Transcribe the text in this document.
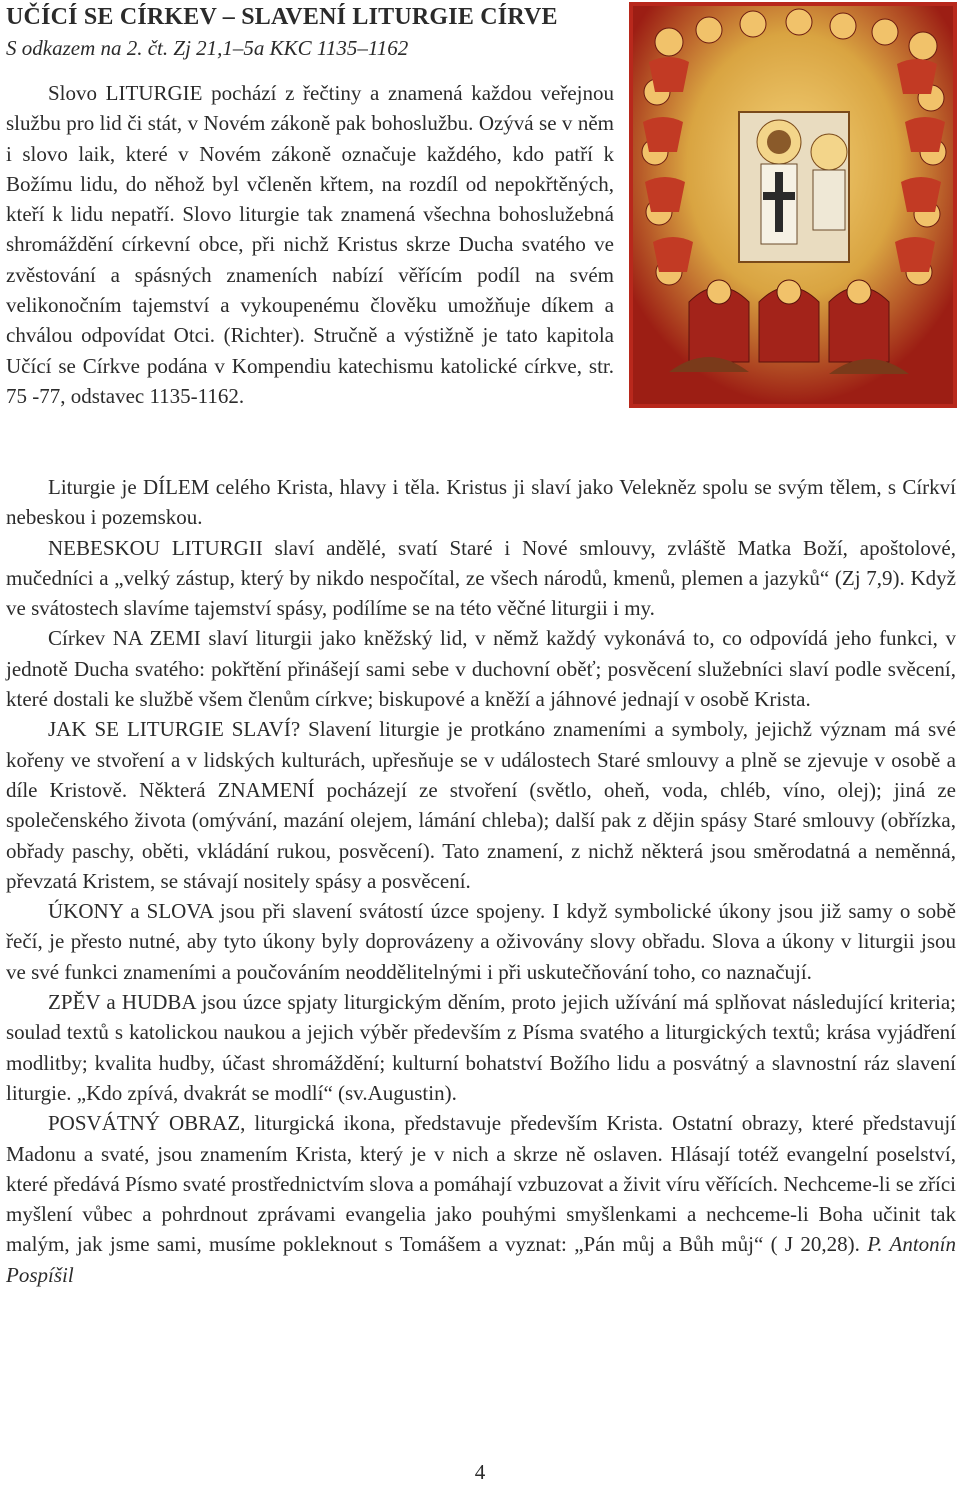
UČÍCÍ SE CÍRKEV – SLAVENÍ LITURGIE CÍRVE
S odkazem na 2. čt. Zj 21,1–5a KKC 1135–1162

Slovo LITURGIE pochází z řečtiny a znamená každou veřejnou službu pro lid či stát, v Novém zákoně pak bohoslužbu. Ozývá se v něm i slovo laik, které v Novém zákoně označuje každého, kdo patří k Božímu lidu, do něhož byl včleněn křtem, na rozdíl od nepokřtěných, kteří k lidu nepatří. Slovo liturgie tak znamená všechna bohoslužebná shromáždění církevní obce, při nichž Kristus skrze Ducha svatého ve zvěstování a spásných znameních nabízí věřícím podíl na svém velikonočním tajemství a vykoupenému člověku umožňuje díkem a chválou odpovídat Otci. (Richter). Stručně a výstižně je tato kapitola Učící se Církve podána v Kompendiu katechismu katolické církve, str. 75 -77, odstavec 1135-1162.

Liturgie je DÍLEM celého Krista, hlavy i těla. Kristus ji slaví jako Velekněz spolu se svým tělem, s Církví nebeskou i pozemskou.

NEBESKOU LITURGII slaví andělé, svatí Staré i Nové smlouvy, zvláště Matka Boží, apoštolové, mučedníci a „velký zástup, který by nikdo nespočítal, ze všech národů, kmenů, plemen a jazyků“ (Zj 7,9). Když ve svátostech slavíme tajemství spásy, podílíme se na této věčné liturgii i my.

Církev NA ZEMI slaví liturgii jako kněžský lid, v němž každý vykonává to, co odpovídá jeho funkci, v jednotě Ducha svatého: pokřtění přinášejí sami sebe v duchovní oběť; posvěcení služebníci slaví podle svěcení, které dostali ke službě všem členům církve; biskupové a kněží a jáhnové jednají v osobě Krista.

JAK SE LITURGIE SLAVÍ? Slavení liturgie je protkáno znameními a symboly, jejichž význam má své kořeny ve stvoření a v lidských kulturách, upřesňuje se v událostech Staré smlouvy a plně se zjevuje v osobě a díle Kristově. Některá ZNAMENÍ pocházejí ze stvoření (světlo, oheň, voda, chléb, víno, olej); jiná ze společenského života (omývání, mazání olejem, lámání chleba); další pak z dějin spásy Staré smlouvy (obřízka, obřady paschy, oběti, vkládání rukou, posvěcení). Tato znamení, z nichž některá jsou směrodatná a neměnná, převzatá Kristem, se stávají nositely spásy a posvěcení.

ÚKONY a SLOVA jsou při slavení svátostí úzce spojeny. I když symbolické úkony jsou již samy o sobě řečí, je přesto nutné, aby tyto úkony byly doprovázeny a oživovány slovy obřadu. Slova a úkony v liturgii jsou ve své funkci znameními a poučováním neoddělitelnými i při uskutečňování toho, co naznačují.

ZPĚV a HUDBA jsou úzce spjaty liturgickým děním, proto jejich užívání má splňovat následující kriteria; soulad textů s katolickou naukou a jejich výběr především z Písma svatého a liturgických textů; krása vyjádření modlitby; kvalita hudby, účast shromáždění; kulturní bohatství Božího lidu a posvátný a slavnostní ráz slavení liturgie. „Kdo zpívá, dvakrát se modlí“ (sv.Augustin).

POSVÁTNÝ OBRAZ, liturgická ikona, představuje především Krista. Ostatní obrazy, které představují Madonu a svaté, jsou znamením Krista, který je v nich a skrze ně oslaven. Hlásají totéž evangelní poselství, které předává Písmo svaté prostřednictvím slova a pomáhají vzbuzovat a živit víru věřících. Nechceme-li se zříci myšlení vůbec a pohrdnout zprávami evangelia jako pouhými smyšlenkami a nechceme-li Boha učinit tak malým, jak jsme sami, musíme pokleknout s Tomášem a vyznat: „Pán můj a Bůh můj“ ( J 20,28). P. Antonín Pospíšil

4
